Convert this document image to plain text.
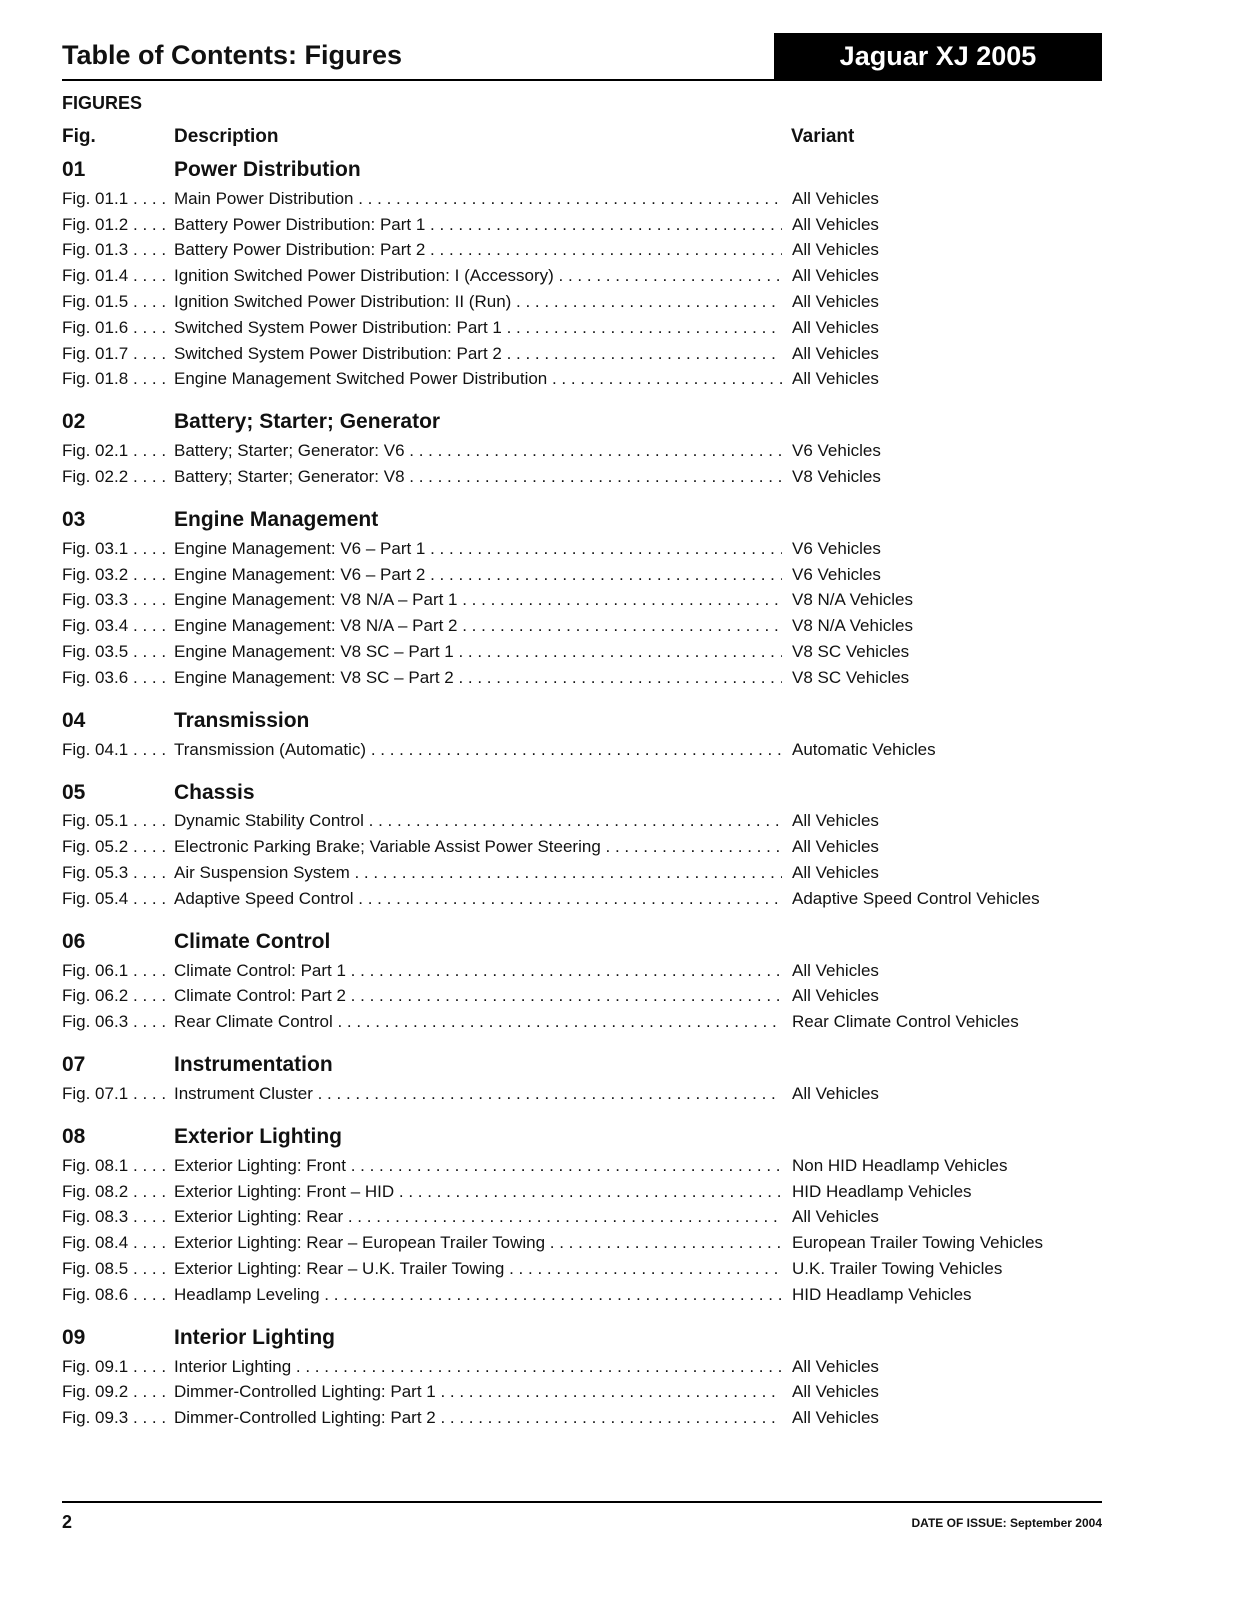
Table of Contents: Figures	Jaguar XJ 2005
FIGURES
Fig.	Description	Variant
01	Power Distribution
Fig. 01.1. . . . Main Power Distribution . . .	All Vehicles
Fig. 01.2. . . . Battery Power Distribution: Part 1 . . .	All Vehicles
Fig. 01.3. . . . Battery Power Distribution: Part 2 . . .	All Vehicles
Fig. 01.4. . . . Ignition Switched Power Distribution: I (Accessory) . . .	All Vehicles
Fig. 01.5. . . . Ignition Switched Power Distribution: II (Run) . . .	All Vehicles
Fig. 01.6. . . . Switched System Power Distribution: Part 1 . . .	All Vehicles
Fig. 01.7. . . . Switched System Power Distribution: Part 2 . . .	All Vehicles
Fig. 01.8. . . . Engine Management Switched Power Distribution . . .	All Vehicles
02	Battery; Starter; Generator
Fig. 02.1. . . . Battery; Starter; Generator: V6 . . .	V6 Vehicles
Fig. 02.2. . . . Battery; Starter; Generator: V8 . . .	V8 Vehicles
03	Engine Management
Fig. 03.1. . . . Engine Management: V6 – Part 1 . . .	V6 Vehicles
Fig. 03.2. . . . Engine Management: V6 – Part 2 . . .	V6 Vehicles
Fig. 03.3. . . . Engine Management: V8 N/A – Part 1 . . .	V8 N/A Vehicles
Fig. 03.4. . . . Engine Management: V8 N/A – Part 2 . . .	V8 N/A Vehicles
Fig. 03.5. . . . Engine Management: V8 SC – Part 1 . . .	V8 SC Vehicles
Fig. 03.6. . . . Engine Management: V8 SC – Part 2 . . .	V8 SC Vehicles
04	Transmission
Fig. 04.1. . . . Transmission (Automatic) . . .	Automatic Vehicles
05	Chassis
Fig. 05.1. . . . Dynamic Stability Control . . .	All Vehicles
Fig. 05.2. . . . Electronic Parking Brake; Variable Assist Power Steering . . .	All Vehicles
Fig. 05.3. . . . Air Suspension System . . .	All Vehicles
Fig. 05.4. . . . Adaptive Speed Control . . .	Adaptive Speed Control Vehicles
06	Climate Control
Fig. 06.1. . . . Climate Control: Part 1 . . .	All Vehicles
Fig. 06.2. . . . Climate Control: Part 2 . . .	All Vehicles
Fig. 06.3. . . . Rear Climate Control . . .	Rear Climate Control Vehicles
07	Instrumentation
Fig. 07.1. . . . Instrument Cluster . . .	All Vehicles
08	Exterior Lighting
Fig. 08.1. . . . Exterior Lighting: Front . . .	Non HID Headlamp Vehicles
Fig. 08.2. . . . Exterior Lighting: Front – HID . . .	HID Headlamp Vehicles
Fig. 08.3. . . . Exterior Lighting: Rear . . .	All Vehicles
Fig. 08.4. . . . Exterior Lighting: Rear – European Trailer Towing . . .	European Trailer Towing Vehicles
Fig. 08.5. . . . Exterior Lighting: Rear – U.K. Trailer Towing . . .	U.K. Trailer Towing Vehicles
Fig. 08.6. . . . Headlamp Leveling . . .	HID Headlamp Vehicles
09	Interior Lighting
Fig. 09.1. . . . Interior Lighting . . .	All Vehicles
Fig. 09.2. . . . Dimmer-Controlled Lighting: Part 1 . . .	All Vehicles
Fig. 09.3. . . . Dimmer-Controlled Lighting: Part 2 . . .	All Vehicles
2	DATE OF ISSUE: September 2004
